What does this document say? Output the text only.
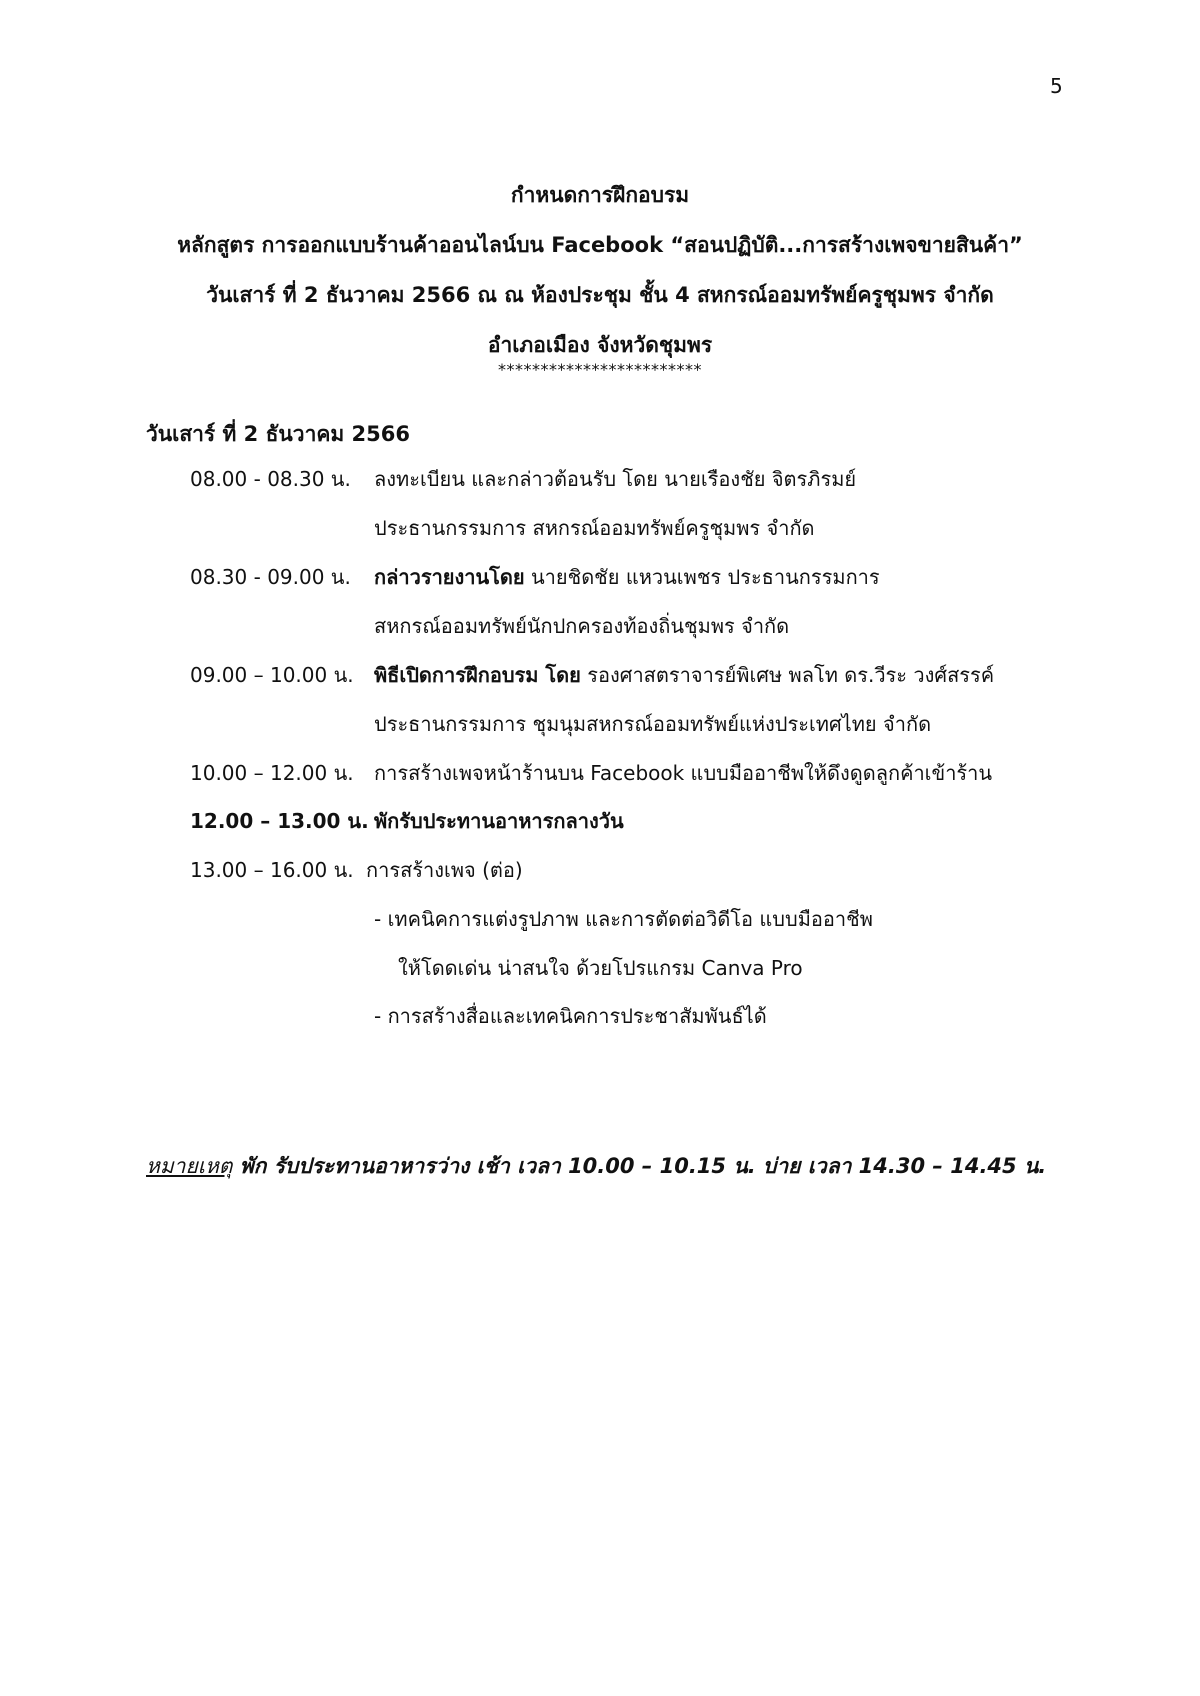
5
กำหนดการฝึกอบรม
หลักสูตร การออกแบบร้านค้าออนไลน์บน Facebook “สอนปฏิบัติ...การสร้างเพจขายสินค้า”
วันเสาร์ ที่ 2 ธันวาคม 2566 ณ ณ ห้องประชุม ชั้น 4 สหกรณ์ออมทรัพย์ครูชุมพร จำกัด
อำเภอเมือง จังหวัดชุมพร
************************
วันเสาร์ ที่ 2 ธันวาคม 2566
08.00 - 08.30 น.	ลงทะเบียน และกล่าวต้อนรับ โดย นายเรืองชัย จิตรภิรมย์
ประธานกรรมการ สหกรณ์ออมทรัพย์ครูชุมพร จำกัด
08.30 - 09.00 น.	กล่าวรายงานโดย นายชิดชัย แหวนเพชร ประธานกรรมการ
สหกรณ์ออมทรัพย์นักปกครองท้องถิ่นชุมพร จำกัด
09.00 – 10.00 น.	พิธีเปิดการฝึกอบรม โดย รองศาสตราจารย์พิเศษ พลโท ดร.วีระ วงศ์สรรค์
ประธานกรรมการ ชุมนุมสหกรณ์ออมทรัพย์แห่งประเทศไทย จำกัด
10.00 – 12.00 น.	การสร้างเพจหน้าร้านบน Facebook แบบมืออาชีพให้ดึงดูดลูกค้าเข้าร้าน
12.00 – 13.00 น. พักรับประทานอาหารกลางวัน
13.00 – 16.00 น. การสร้างเพจ (ต่อ)
- เทคนิคการแต่งรูปภาพ และการตัดต่อวิดีโอ แบบมืออาชีพ
ให้โดดเด่น น่าสนใจ ด้วยโปรแกรม Canva Pro
- การสร้างสื่อและเทคนิคการประชาสัมพันธ์ได้
หมายเหตุ พัก รับประทานอาหารว่าง เช้า เวลา 10.00 – 10.15 น. บ่าย เวลา 14.30 – 14.45 น.
